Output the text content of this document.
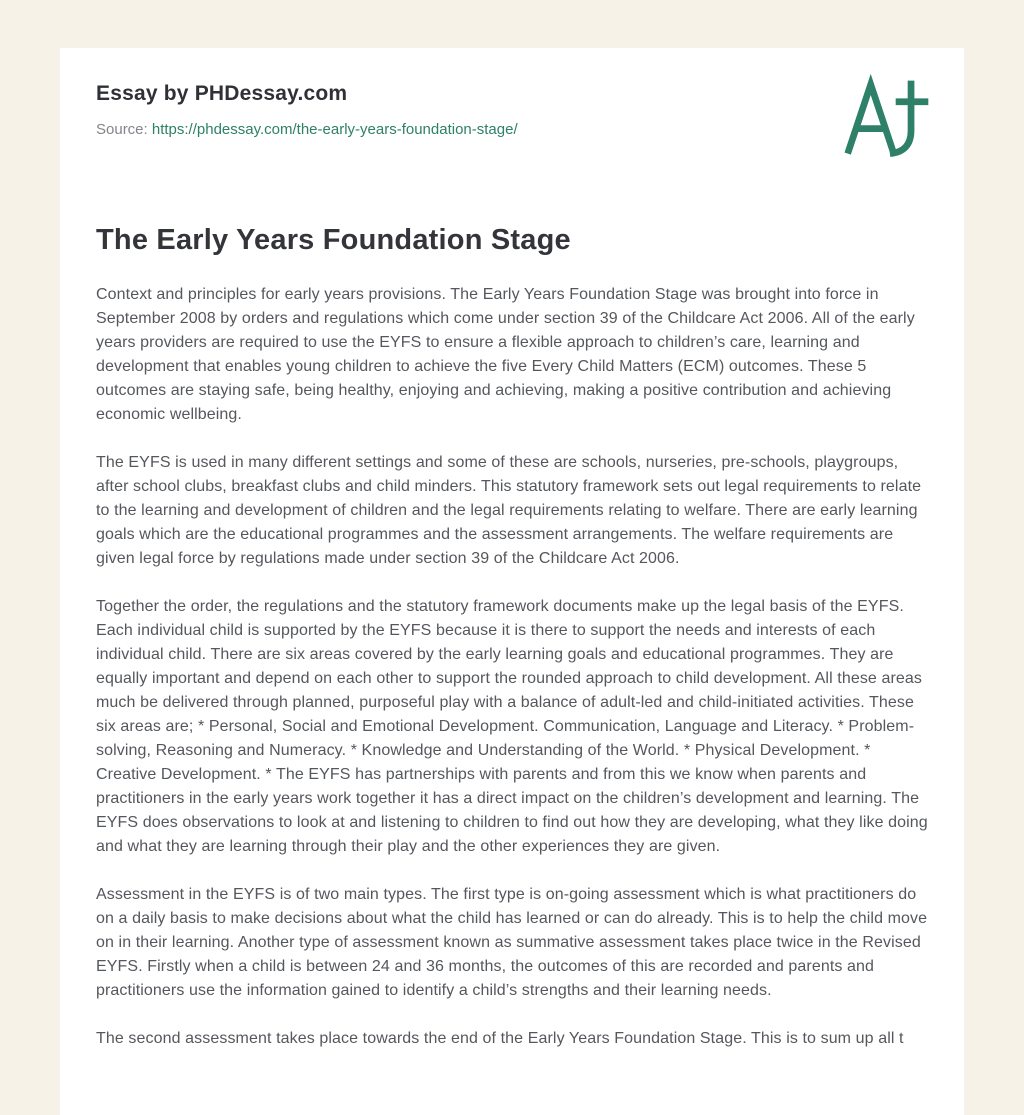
Essay by PHDessay.com
Source: https://phdessay.com/the-early-years-foundation-stage/
The Early Years Foundation Stage

Context and principles for early years provisions. The Early Years Foundation Stage was brought into force in September 2008 by orders and regulations which come under section 39 of the Childcare Act 2006. All of the early years providers are required to use the EYFS to ensure a flexible approach to children’s care, learning and development that enables young children to achieve the five Every Child Matters (ECM) outcomes. These 5 outcomes are staying safe, being healthy, enjoying and achieving, making a positive contribution and achieving economic wellbeing.

The EYFS is used in many different settings and some of these are schools, nurseries, pre-schools, playgroups, after school clubs, breakfast clubs and child minders. This statutory framework sets out legal requirements to relate to the learning and development of children and the legal requirements relating to welfare. There are early learning goals which are the educational programmes and the assessment arrangements. The welfare requirements are given legal force by regulations made under section 39 of the Childcare Act 2006.

Together the order, the regulations and the statutory framework documents make up the legal basis of the EYFS. Each individual child is supported by the EYFS because it is there to support the needs and interests of each individual child. There are six areas covered by the early learning goals and educational programmes. They are equally important and depend on each other to support the rounded approach to child development. All these areas much be delivered through planned, purposeful play with a balance of adult-led and child-initiated activities. These six areas are; * Personal, Social and Emotional Development. Communication, Language and Literacy. * Problem-solving, Reasoning and Numeracy. * Knowledge and Understanding of the World. * Physical Development. * Creative Development. * The EYFS has partnerships with parents and from this we know when parents and practitioners in the early years work together it has a direct impact on the children’s development and learning. The EYFS does observations to look at and listening to children to find out how they are developing, what they like doing and what they are learning through their play and the other experiences they are given.

Assessment in the EYFS is of two main types. The first type is on-going assessment which is what practitioners do on a daily basis to make decisions about what the child has learned or can do already. This is to help the child move on in their learning. Another type of assessment known as summative assessment takes place twice in the Revised EYFS. Firstly when a child is between 24 and 36 months, the outcomes of this are recorded and parents and practitioners use the information gained to identify a child’s strengths and their learning needs.

The second assessment takes place towards the end of the Early Years Foundation Stage. This is to sum up all t
